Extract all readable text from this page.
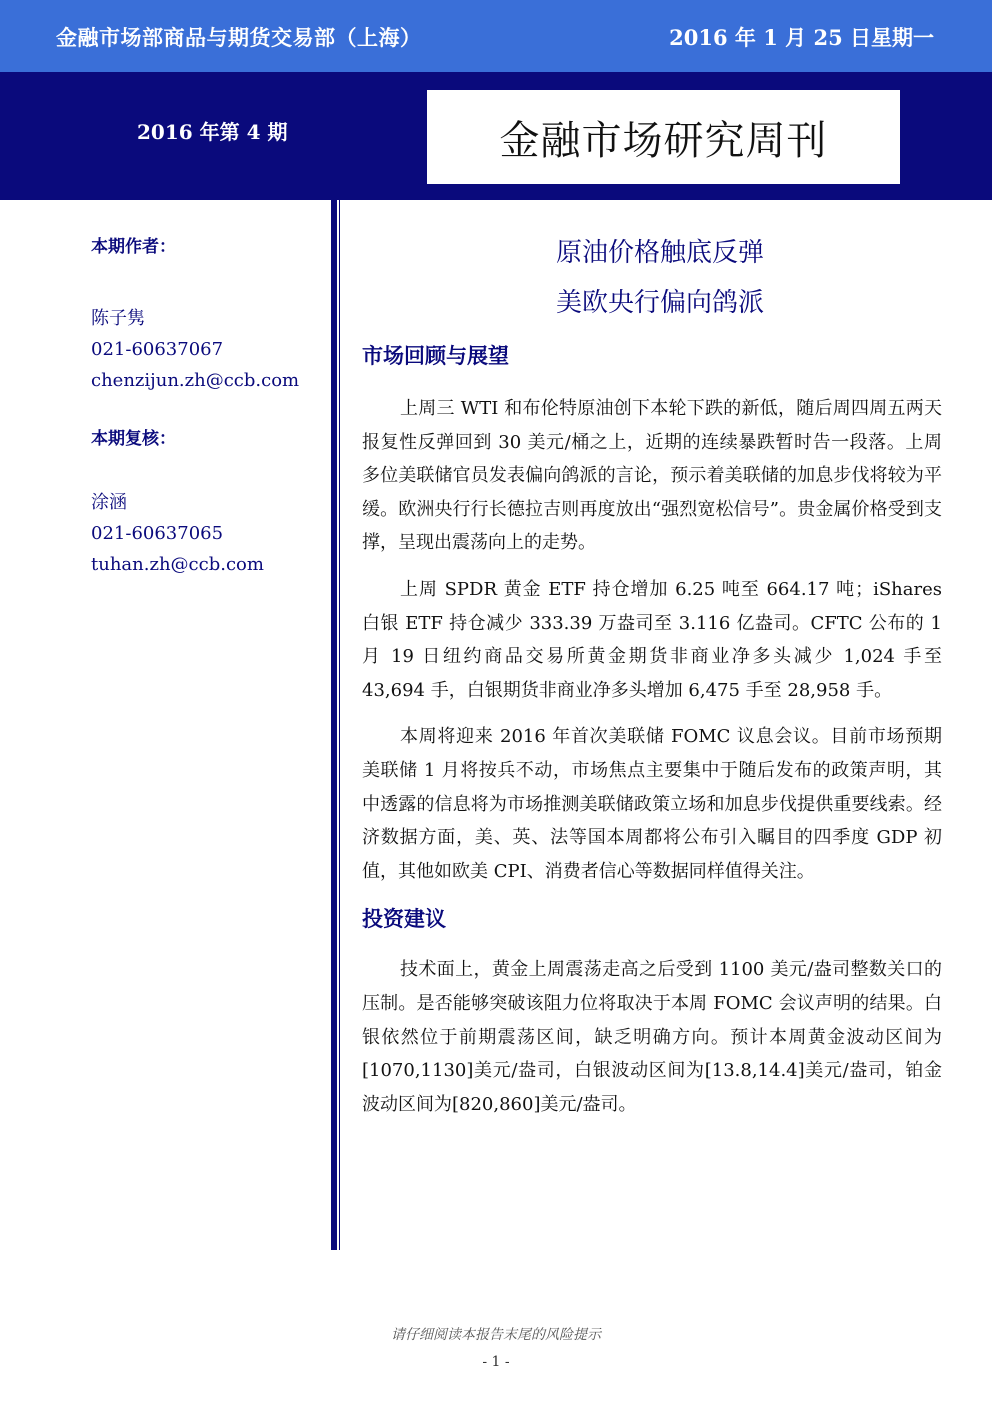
金融市场部商品与期货交易部（上海）	2016 年 1 月 25 日星期一
2016 年第 4 期	金融市场研究周刊
本期作者：
陈子隽
021-60637067
chenzijun.zh@ccb.com
本期复核：
涂涵
021-60637065
tuhan.zh@ccb.com
原油价格触底反弹
美欧央行偏向鸽派
市场回顾与展望

上周三 WTI 和布伦特原油创下本轮下跌的新低，随后周四周五两天报复性反弹回到 30 美元/桶之上，近期的连续暴跌暂时告一段落。上周多位美联储官员发表偏向鸽派的言论，预示着美联储的加息步伐将较为平缓。欧洲央行行长德拉吉则再度放出“强烈宽松信号”。贵金属价格受到支撑，呈现出震荡向上的走势。

上周 SPDR 黄金 ETF 持仓增加 6.25 吨至 664.17 吨；iShares 白银 ETF 持仓减少 333.39 万盎司至 3.116 亿盎司。CFTC 公布的 1 月 19 日纽约商品交易所黄金期货非商业净多头减少 1,024 手至 43,694 手，白银期货非商业净多头增加 6,475 手至 28,958 手。

本周将迎来 2016 年首次美联储 FOMC 议息会议。目前市场预期美联储 1 月将按兵不动，市场焦点主要集中于随后发布的政策声明，其中透露的信息将为市场推测美联储政策立场和加息步伐提供重要线索。经济数据方面，美、英、法等国本周都将公布引入瞩目的四季度 GDP 初值，其他如欧美 CPI、消费者信心等数据同样值得关注。

投资建议

技术面上，黄金上周震荡走高之后受到 1100 美元/盎司整数关口的压制。是否能够突破该阻力位将取决于本周 FOMC 会议声明的结果。白银依然位于前期震荡区间，缺乏明确方向。预计本周黄金波动区间为[1070,1130]美元/盎司，白银波动区间为[13.8,14.4]美元/盎司，铂金波动区间为[820,860]美元/盎司。

请仔细阅读本报告末尾的风险提示
- 1 -
